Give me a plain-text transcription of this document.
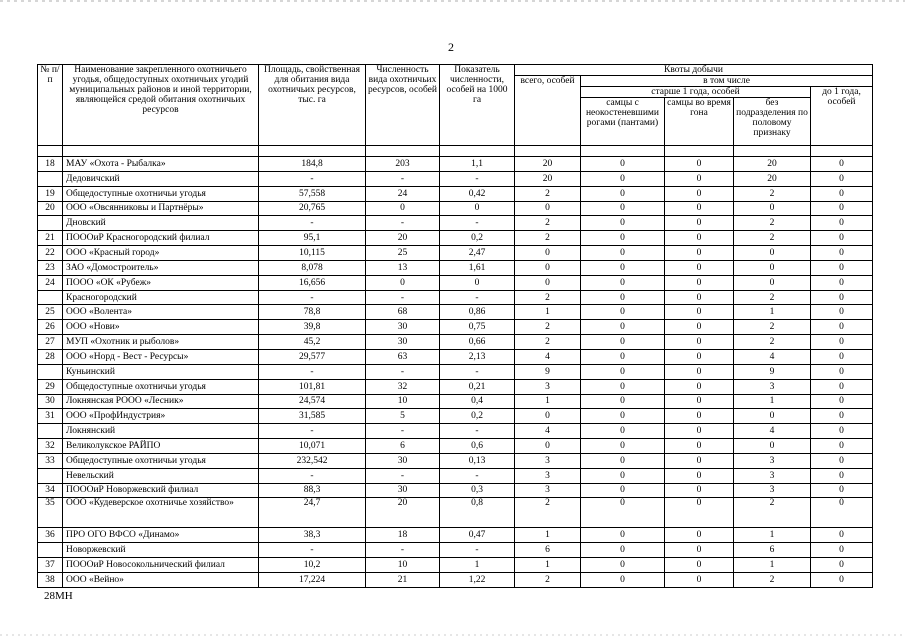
2
№ п/п	Наименование закрепленного охотничьего угодья, общедоступных охотничьих угодий муниципальных районов и иной территории, являющейся средой обитания охотничьих ресурсов	Площадь, свойственная для обитания вида охотничьих ресурсов, тыс. га	Численность вида охотничьих ресурсов, особей	Показатель численности, особей на 1000 га	Квоты добычи				
					всего, особей	в том числе			
						старше 1 года, особей			до 1 года, особей
						самцы с неокостеневшими рогами (пантами)	самцы во время гона	без подразделения по половому признаку	

18	МАУ «Охота - Рыбалка»	184,8	203	1,1	20	0	0	20	0
	Дедовичский	-	-	-	20	0	0	20	0
19	Общедоступные охотничьи угодья	57,558	24	0,42	2	0	0	2	0
20	ООО «Овсянниковы и Партнёры»	20,765	0	0	0	0	0	0	0
	Дновский	-	-	-	2	0	0	2	0
21	ПОООиР Красногородский филиал	95,1	20	0,2	2	0	0	2	0
22	ООО «Красный город»	10,115	25	2,47	0	0	0	0	0
23	ЗАО «Домостроитель»	8,078	13	1,61	0	0	0	0	0
24	ПООО «ОК «Рубеж»	16,656	0	0	0	0	0	0	0
	Красногородский	-	-	-	2	0	0	2	0
25	ООО «Волента»	78,8	68	0,86	1	0	0	1	0
26	ООО «Нови»	39,8	30	0,75	2	0	0	2	0
27	МУП «Охотник и рыболов»	45,2	30	0,66	2	0	0	2	0
28	ООО «Норд - Вест - Ресурсы»	29,577	63	2,13	4	0	0	4	0
	Куньинский	-	-	-	9	0	0	9	0
29	Общедоступные охотничьи угодья	101,81	32	0,21	3	0	0	3	0
30	Локнянская РООО «Лесник»	24,574	10	0,4	1	0	0	1	0
31	ООО «ПрофИндустрия»	31,585	5	0,2	0	0	0	0	0
	Локнянский	-	-	-	4	0	0	4	0
32	Великолукское РАЙПО	10,071	6	0,6	0	0	0	0	0
33	Общедоступные охотничьи угодья	232,542	30	0,13	3	0	0	3	0
	Невельский	-	-	-	3	0	0	3	0
34	ПОООиР Новоржевский филиал	88,3	30	0,3	3	0	0	3	0
35	ООО «Кудеверское охотничье хозяйство»	24,7	20	0,8	2	0	0	2	0
36	ПРО ОГО ВФСО «Динамо»	38,3	18	0,47	1	0	0	1	0
	Новоржевский	-	-	-	6	0	0	6	0
37	ПОООиР Новосокольнический филиал	10,2	10	1	1	0	0	1	0
38	ООО «Вейно»	17,224	21	1,22	2	0	0	2	0
28МН
